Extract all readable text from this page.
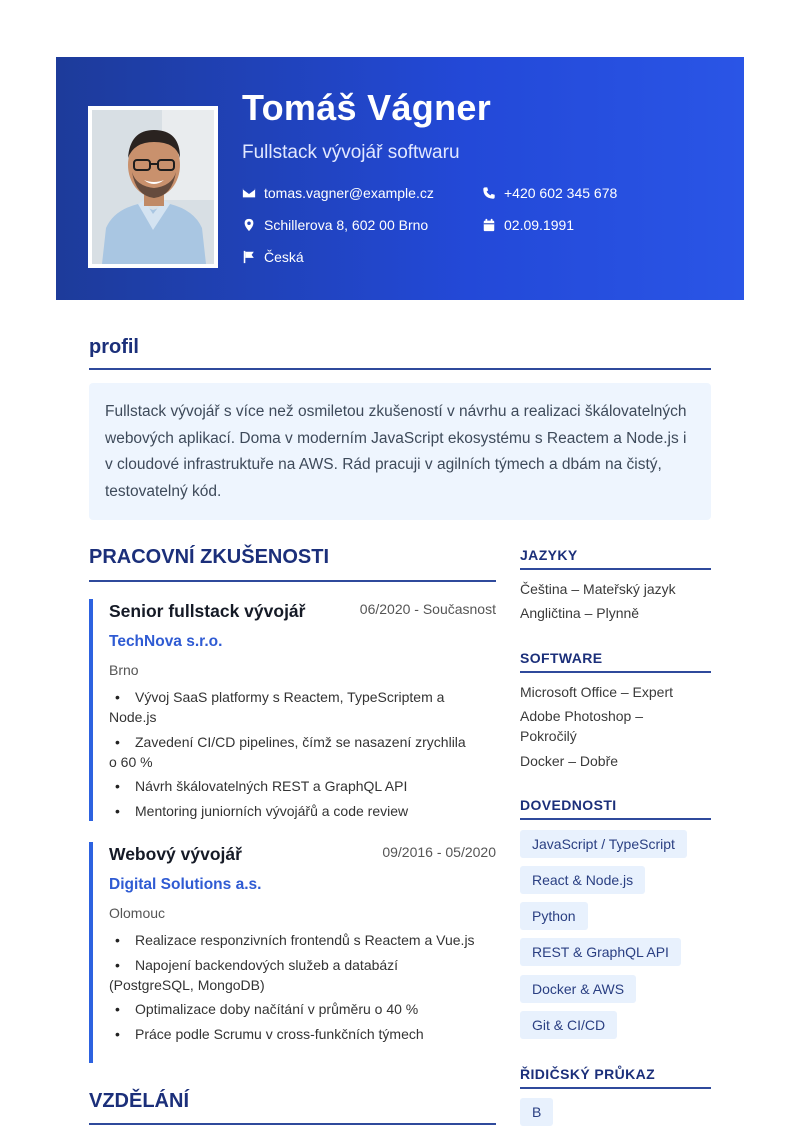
Tomáš Vágner
Fullstack vývojář softwaru
tomas.vagner@example.cz	+420 602 345 678
Schillerova 8, 602 00 Brno	02.09.1991
Česká
profil
Fullstack vývojář s více než osmiletou zkušeností v návrhu a realizaci škálovatelných webových aplikací. Doma v moderním JavaScript ekosystému s Reactem a Node.js i v cloudové infrastruktuře na AWS. Rád pracuji v agilních týmech a dbám na čistý, testovatelný kód.
PRACOVNÍ ZKUŠENOSTI
Senior fullstack vývojář	06/2020 - Současnost
TechNova s.r.o.
Brno
• Vývoj SaaS platformy s Reactem, TypeScriptem a Node.js
• Zavedení CI/CD pipelines, čímž se nasazení zrychlila o 60 %
• Návrh škálovatelných REST a GraphQL API
• Mentoring juniorních vývojářů a code review
Webový vývojář	09/2016 - 05/2020
Digital Solutions a.s.
Olomouc
• Realizace responzivních frontendů s Reactem a Vue.js
• Napojení backendových služeb a databází (PostgreSQL, MongoDB)
• Optimalizace doby načítání v průměru o 40 %
• Práce podle Scrumu v cross-funkčních týmech
VZDĚLÁNÍ
JAZYKY
Čeština – Mateřský jazyk
Angličtina – Plynně
SOFTWARE
Microsoft Office – Expert
Adobe Photoshop – Pokročilý
Docker – Dobře
DOVEDNOSTI
JavaScript / TypeScript
React & Node.js
Python
REST & GraphQL API
Docker & AWS
Git & CI/CD
ŘIDIČSKÝ PRŮKAZ
B
